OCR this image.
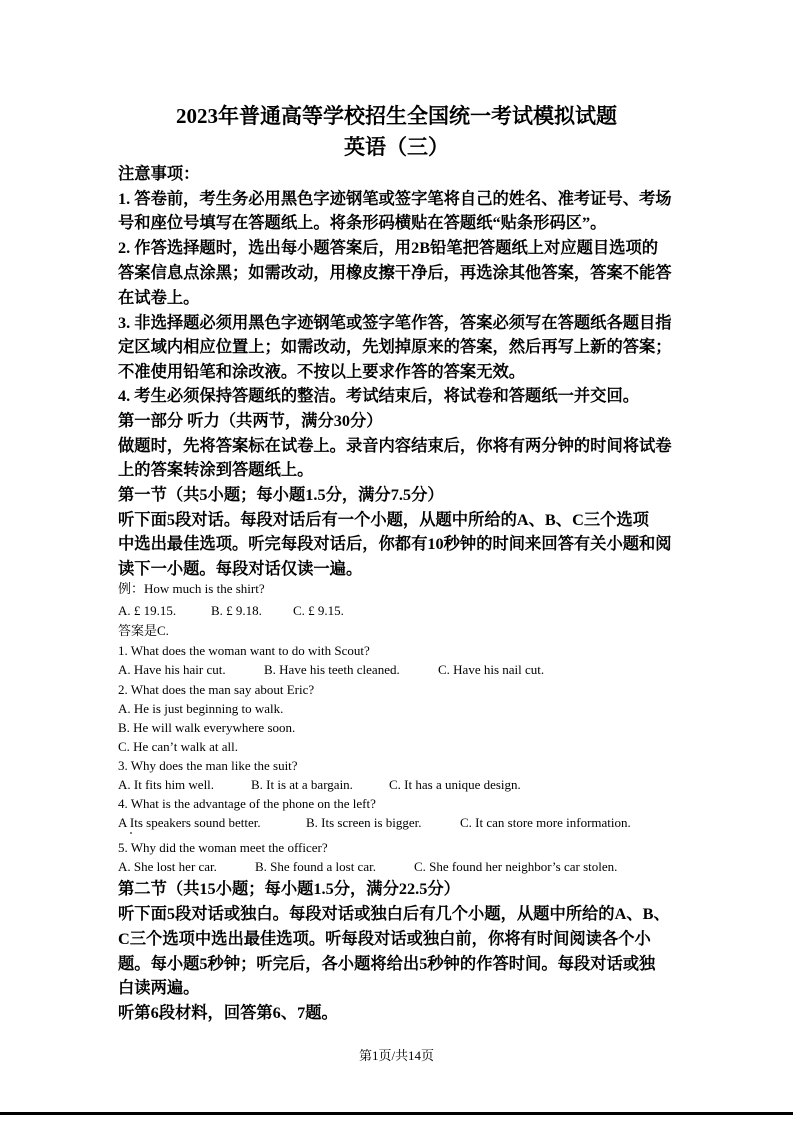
2023年普通高等学校招生全国统一考试模拟试题
英语（三）
注意事项：
1. 答卷前，考生务必用黑色字迹钢笔或签字笔将自己的姓名、准考证号、考场
号和座位号填写在答题纸上。将条形码横贴在答题纸“贴条形码区”。
2. 作答选择题时，选出每小题答案后，用2B铅笔把答题纸上对应题目选项的
答案信息点涂黑；如需改动，用橡皮擦干净后，再选涂其他答案，答案不能答
在试卷上。
3. 非选择题必须用黑色字迹钢笔或签字笔作答，答案必须写在答题纸各题目指
定区域内相应位置上；如需改动，先划掉原来的答案，然后再写上新的答案；
不准使用铅笔和涂改液。不按以上要求作答的答案无效。
4. 考生必须保持答题纸的整洁。考试结束后，将试卷和答题纸一并交回。
第一部分 听力（共两节，满分30分）
做题时，先将答案标在试卷上。录音内容结束后，你将有两分钟的时间将试卷
上的答案转涂到答题纸上。
第一节（共5小题；每小题1.5分，满分7.5分）
听下面5段对话。每段对话后有一个小题，从题中所给的A、B、C三个选项
中选出最佳选项。听完每段对话后，你都有10秒钟的时间来回答有关小题和阅
读下一小题。每段对话仅读一遍。
例：How much is the shirt?
A. £ 19.15.	B. £ 9.18. C. £ 9.15.
答案是C.
1. What does the woman want to do with Scout?
A. Have his hair cut.	B. Have his teeth cleaned.	C. Have his nail cut.
2. What does the man say about Eric?
A. He is just beginning to walk.
B. He will walk everywhere soon.
C. He can’t walk at all.
3. Why does the man like the suit?
A. It fits him well.	B. It is at a bargain.	C. It has a unique design.
4. What is the advantage of the phone on the left?
A Its speakers sound better.	B. Its screen is bigger.	C. It can store more information.
5. Why did the woman meet the officer?
A. She lost her car.	B. She found a lost car.	C. She found her neighbor’s car stolen.
第二节（共15小题；每小题1.5分，满分22.5分）
听下面5段对话或独白。每段对话或独白后有几个小题，从题中所给的A、B、
C三个选项中选出最佳选项。听每段对话或独白前，你将有时间阅读各个小
题。每小题5秒钟；听完后，各小题将给出5秒钟的作答时间。每段对话或独
白读两遍。
听第6段材料，回答第6、7题。
第1页/共14页
